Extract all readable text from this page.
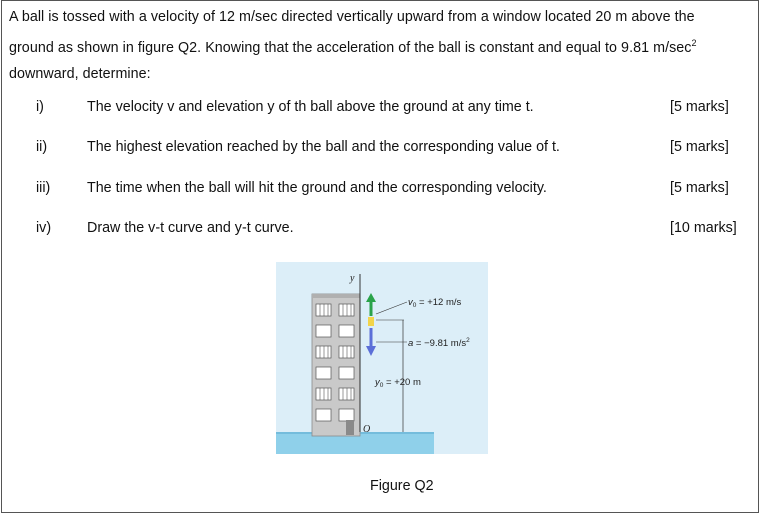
A ball is tossed with a velocity of 12 m/sec directed vertically upward from a window located 20 m above the
ground as shown in figure Q2. Knowing that the acceleration of the ball is constant and equal to 9.81 $m/\sec^2$
downward, determine:
i)	The velocity v and elevation y of th ball above the ground at any time t.	[5 marks]
ii)	The highest elevation reached by the ball and the corresponding value of t.	[5 marks]
iii)	The time when the ball will hit the ground and the corresponding velocity.	[5 marks]
iv)	Draw the v-t curve and y-t curve.	[10 marks]
y
O
$v_0 = +12$ m/s
a = −9.81 $m/s^2$
$y_0 = +20$ m
Figure Q2
